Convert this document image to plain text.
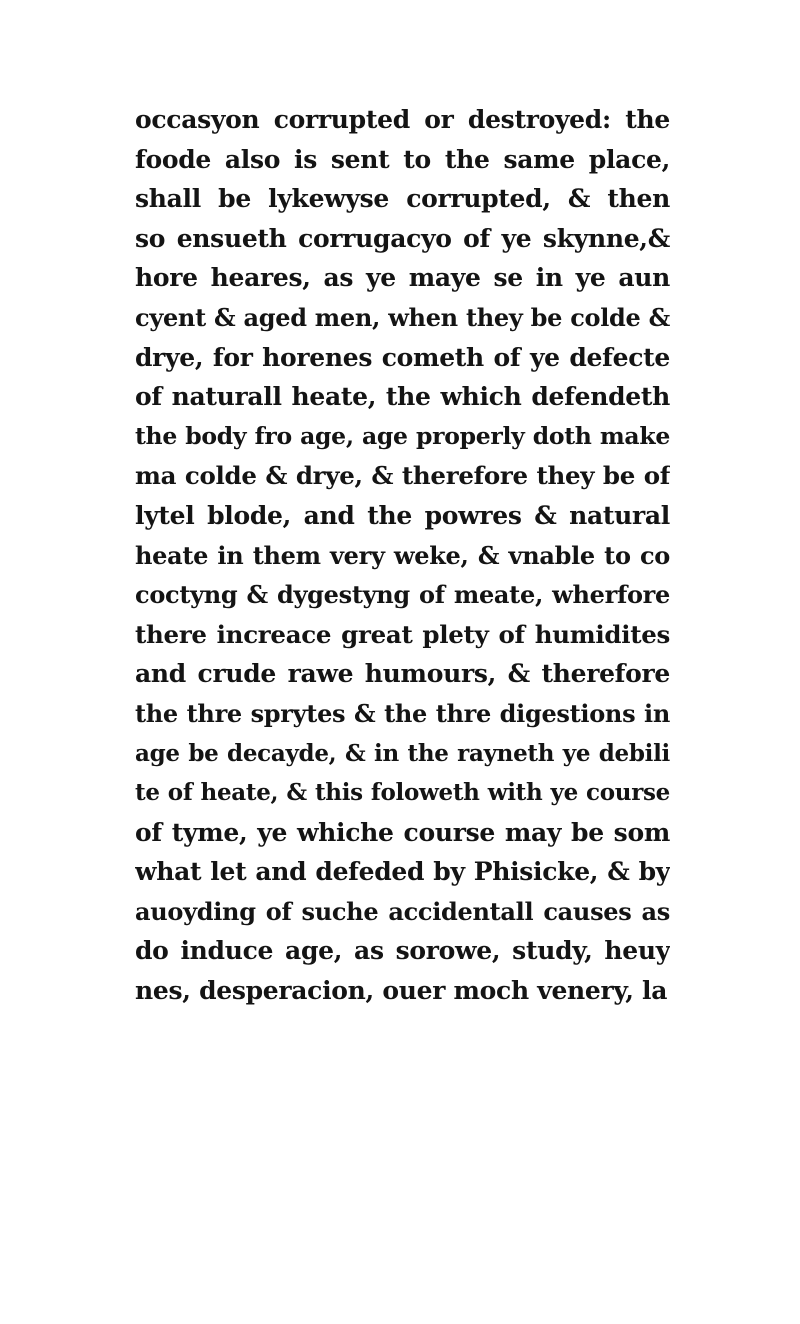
occasyon corrupted or destroyed: the
foode also is sent to the same place,
shall be lykewyse corrupted, & then
so ensueth corrugacyo of ye skynne,&
hore heares, as ye maye se in ye aun
cyent & aged men, when they be colde &
drye, for horenes cometh of ye defecte
of naturall heate, the which defendeth
the body fro age, age properly doth make
ma colde & drye, & therefore they be of
lytel blode, and the powres & natural
heate in them very weke, & vnable to co
coctyng & dygestyng of meate, wherfore
there increace great plety of humidites
and crude rawe humours, & therefore
the thre sprytes & the thre digestions in
age be decayde, & in the rayneth ye debili
te of heate, & this foloweth with ye course
of tyme, ye whiche course may be som
what let and defeded by Phisicke, & by
auoyding of suche accidentall causes as
do induce age, as sorowe, study, heuy
nes, desperacion, ouer moch venery, la
